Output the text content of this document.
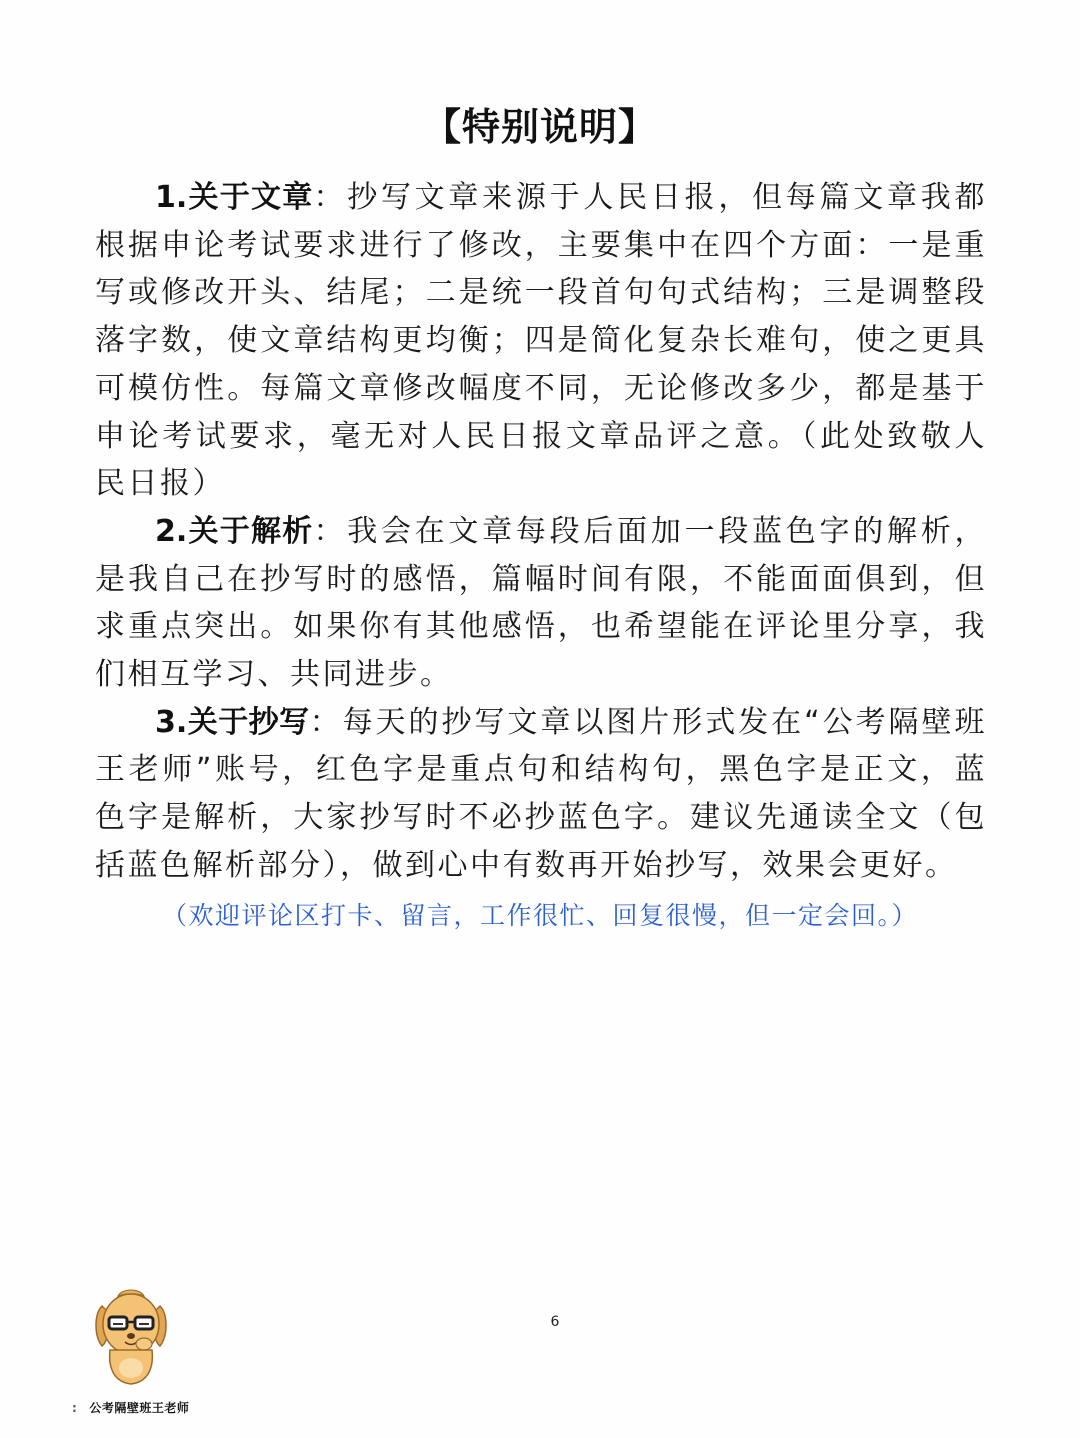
【特别说明】

1.关于文章：抄写文章来源于人民日报，但每篇文章我都根据申论考试要求进行了修改，主要集中在四个方面：一是重写或修改开头、结尾；二是统一段首句句式结构；三是调整段落字数，使文章结构更均衡；四是简化复杂长难句，使之更具可模仿性。每篇文章修改幅度不同，无论修改多少，都是基于申论考试要求，毫无对人民日报文章品评之意。（此处致敬人民日报）

2.关于解析：我会在文章每段后面加一段蓝色字的解析，是我自己在抄写时的感悟，篇幅时间有限，不能面面俱到，但求重点突出。如果你有其他感悟，也希望能在评论里分享，我们相互学习、共同进步。

3.关于抄写：每天的抄写文章以图片形式发在“公考隔壁班王老师”账号，红色字是重点句和结构句，黑色字是正文，蓝色字是解析，大家抄写时不必抄蓝色字。建议先通读全文（包括蓝色解析部分），做到心中有数再开始抄写，效果会更好。

（欢迎评论区打卡、留言，工作很忙、回复很慢，但一定会回。）
6
: 公考隔壁班王老师
